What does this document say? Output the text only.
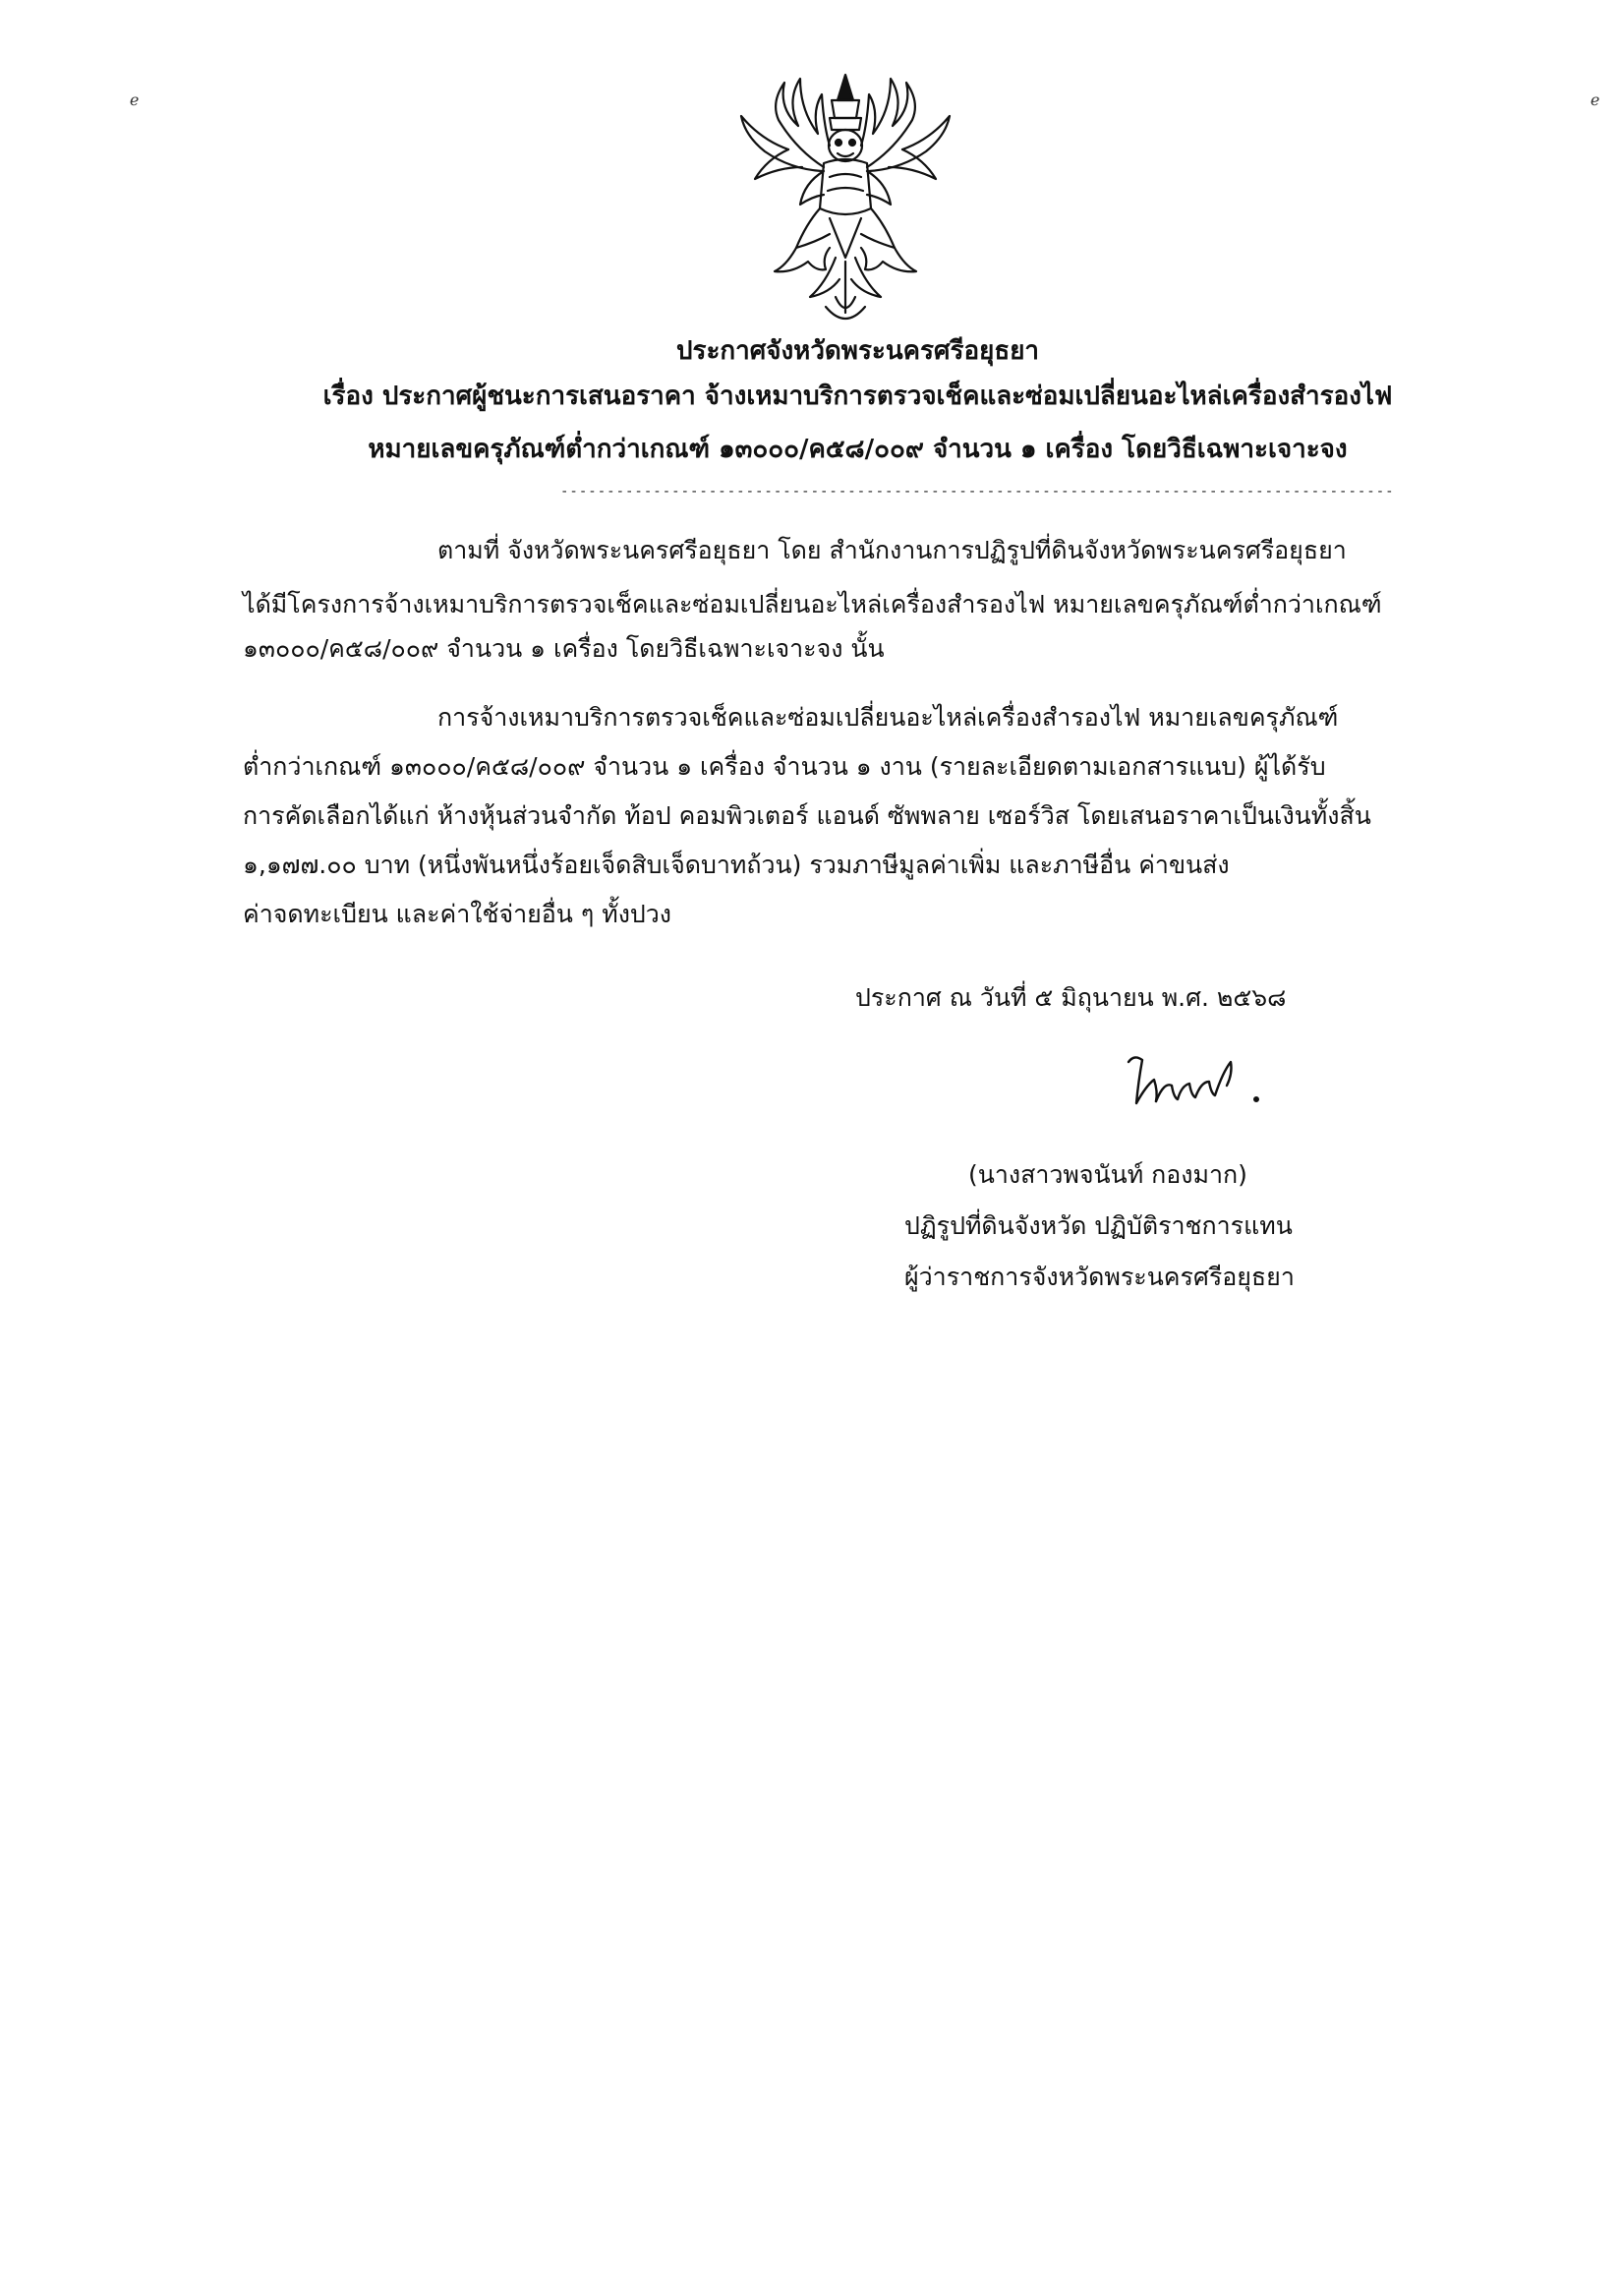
ℯ	ℯ
ประกาศจังหวัดพระนครศรีอยุธยา
เรื่อง ประกาศผู้ชนะการเสนอราคา จ้างเหมาบริการตรวจเช็คและซ่อมเปลี่ยนอะไหล่เครื่องสำรองไฟ
หมายเลขครุภัณฑ์ต่ำกว่าเกณฑ์ ๑๓๐๐๐/ค๕๘/๐๐๙ จำนวน ๑ เครื่อง โดยวิธีเฉพาะเจาะจง
------------------------------------------------------------------------------------------
ตามที่ จังหวัดพระนครศรีอยุธยา โดย สำนักงานการปฏิรูปที่ดินจังหวัดพระนครศรีอยุธยา
ได้มีโครงการจ้างเหมาบริการตรวจเช็คและซ่อมเปลี่ยนอะไหล่เครื่องสำรองไฟ หมายเลขครุภัณฑ์ต่ำกว่าเกณฑ์
๑๓๐๐๐/ค๕๘/๐๐๙ จำนวน ๑ เครื่อง โดยวิธีเฉพาะเจาะจง นั้น
การจ้างเหมาบริการตรวจเช็คและซ่อมเปลี่ยนอะไหล่เครื่องสำรองไฟ หมายเลขครุภัณฑ์
ต่ำกว่าเกณฑ์ ๑๓๐๐๐/ค๕๘/๐๐๙ จำนวน ๑ เครื่อง จำนวน ๑ งาน (รายละเอียดตามเอกสารแนบ) ผู้ได้รับ
การคัดเลือกได้แก่ ห้างหุ้นส่วนจำกัด ท้อป คอมพิวเตอร์ แอนด์ ซัพพลาย เซอร์วิส โดยเสนอราคาเป็นเงินทั้งสิ้น
๑,๑๗๗.๐๐ บาท (หนึ่งพันหนึ่งร้อยเจ็ดสิบเจ็ดบาทถ้วน) รวมภาษีมูลค่าเพิ่ม และภาษีอื่น ค่าขนส่ง
ค่าจดทะเบียน และค่าใช้จ่ายอื่น ๆ ทั้งปวง
ประกาศ ณ วันที่ ๕ มิถุนายน พ.ศ. ๒๕๖๘
(นางสาวพจนันท์ กองมาก)
ปฏิรูปที่ดินจังหวัด ปฏิบัติราชการแทน
ผู้ว่าราชการจังหวัดพระนครศรีอยุธยา
